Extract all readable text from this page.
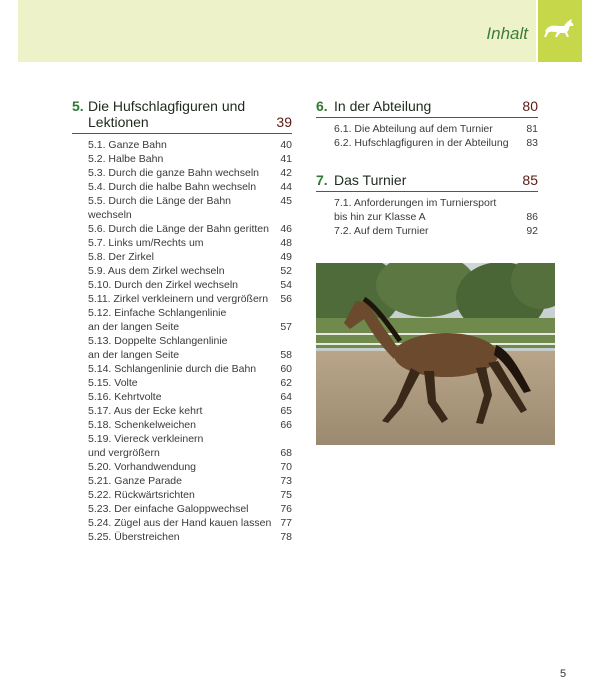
Inhalt
5. Die Hufschlagfiguren und
Lektionen	39
5.1. Ganze Bahn	40
5.2. Halbe Bahn	41
5.3. Durch die ganze Bahn wechseln	42
5.4. Durch die halbe Bahn wechseln	44
5.5. Durch die Länge der Bahn wechseln
45
5.6. Durch die Länge der Bahn geritten	46
5.7. Links um/Rechts um	48
5.8. Der Zirkel	49
5.9. Aus dem Zirkel wechseln	52
5.10. Durch den Zirkel wechseln	54
5.11. Zirkel verkleinern und vergrößern	56
5.12. Einfache Schlangenlinie
an der langen Seite	57
5.13. Doppelte Schlangenlinie
an der langen Seite	58
5.14. Schlangenlinie durch die Bahn	60
5.15. Volte	62
5.16. Kehrtvolte	64
5.17. Aus der Ecke kehrt	65
5.18. Schenkelweichen	66
5.19. Viereck verkleinern
und vergrößern	68
5.20. Vorhandwendung	70
5.21. Ganze Parade	73
5.22. Rückwärtsrichten	75
5.23. Der einfache Galoppwechsel	76
5.24. Zügel aus der Hand kauen lassen 77
5.25. Überstreichen	78
6. In der Abteilung	80
6.1. Die Abteilung auf dem Turnier	81
6.2. Hufschlagfiguren in der Abteilung	83
7. Das Turnier	85
7.1. Anforderungen im Turniersport
bis hin zur Klasse A	86
7.2. Auf dem Turnier	92
5
